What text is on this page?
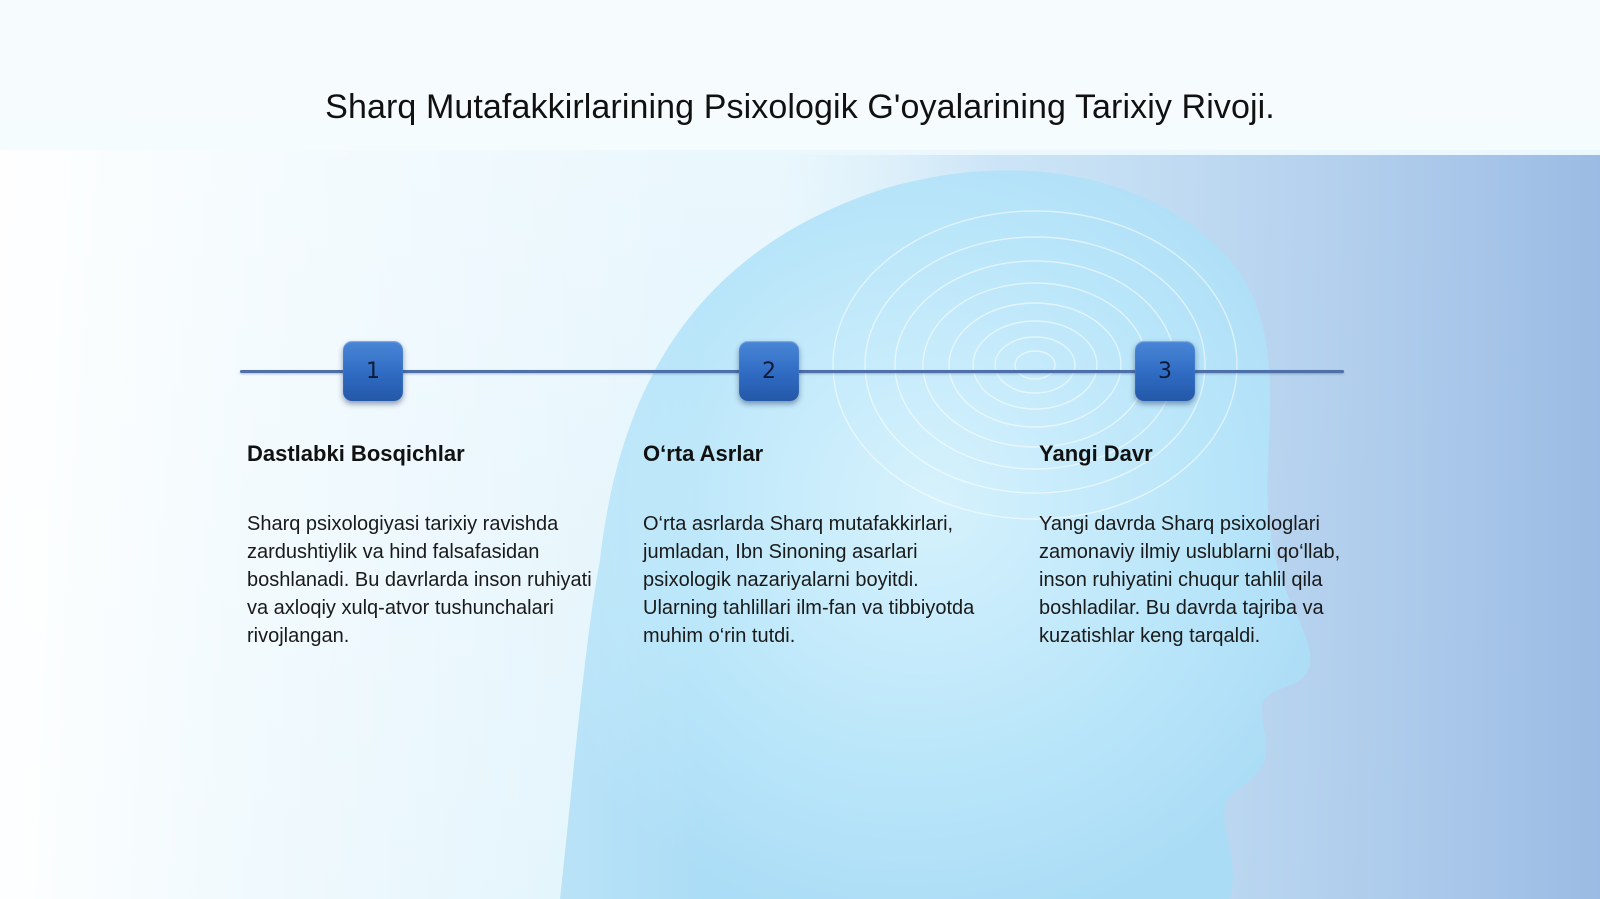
Sharq Mutafakkirlarining Psixologik G'oyalarining Tarixiy Rivoji.
1	2	3
Dastlabki Bosqichlar

Sharq psixologiyasi tarixiy ravishda zardushtiylik va hind falsafasidan boshlanadi. Bu davrlarda inson ruhiyati va axloqiy xulq-atvor tushunchalari rivojlangan.

O‘rta Asrlar

O‘rta asrlarda Sharq mutafakkirlari, jumladan, Ibn Sinoning asarlari psixologik nazariyalarni boyitdi. Ularning tahlillari ilm-fan va tibbiyotda muhim o‘rin tutdi.

Yangi Davr

Yangi davrda Sharq psixologlari zamonaviy ilmiy uslublarni qo‘llab, inson ruhiyatini chuqur tahlil qila boshladilar. Bu davrda tajriba va kuzatishlar keng tarqaldi.
